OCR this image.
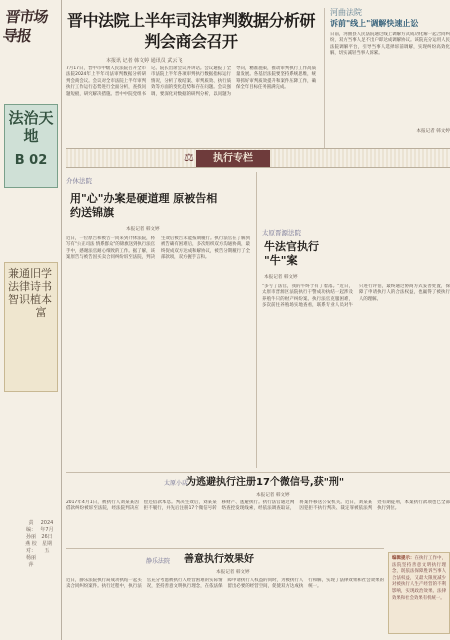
晋市场导报
法治天地
B 02
兼通法律智识
旧学诗书植本富
责编：孙丽燕 校对：杨丽萍
2024年7月26日 星期五
晋中法院上半年司法审判数据分析研判会商会召开
本报讯 记者 韩文婷 通讯员 武云飞
7月17日，晋中市中级人民法院召开全市法院2024年上半年司法审判数据分析研判会商会议。会议对全市法院上半年审判执行工作运行态势进行全面分析，查找问题短板，研究解决措施。晋中中院党组书记、院长出席会议并讲话。会议通报了全市法院上半年各项审判执行数据指标运行情况，分析了收结案、审判质效、执行质效等方面的变化趋势和存在问题。会议强调，要深化对数据的研判分析，以问题为导向，精准施策，推动审判执行工作高质量发展。各基层法院要坚持系统思维，统筹抓好审判质效提升和案件压降工作，确保全年目标任务圆满完成。
河曲法院
诉前"线上"调解快速止讼
日前，河曲县人民法院通过线上调解方式成功化解一起合同纠纷，双方当事人足不出户即达成调解协议。该院充分运用人民法院调解平台，引导当事人选择诉前调解，实现纠纷高效化解，切实减轻当事人诉累。
本报记者 韩文婷
⚖	执行专栏
介休法院
用"心"办案是硬道理 原被告相约送锦旗
本报记者 韩文婷
近日，一位原告和被告一同来到介休法院，将写有"公正司法 情系群众"的锦旗送到执行法官手中，感谢法官耐心细致的工作。据了解，该案原告与被告因买卖合同纠纷诉至法院，判决生效后被告未能按期履行。执行法官在了解到被告确有困难后，多次组织双方沟通协商，最终促成双方达成和解协议，被告分期履行了全部款项，双方握手言和。
太原晋源法院
牛法官执行 "牛"案
本报记者 韩文婷
"多亏了法官，我的牛终于有了着落。"近日，太原市晋源区法院执行干警成功执结一起涉及养殖牛只的财产纠纷案。执行法官克服困难，多次前往养殖场实地查看，联系专业人员对牛只进行评估，最终通过协商方式妥善处置，保障了申请执行人的合法权益，也赢得了被执行人的理解。
太原小店
为逃避执行注册17个微信号,获"刑"
本报记者 韩文婷
2017年4月1日，被执行人刘某某因借款纠纷被诉至法院，经法院判决应偿还借款本息。判决生效后，刘某某拒不履行，并先后注册17个微信号转移财产、逃避执行。执行法官通过网络查控发现线索，经依法调查取证，将案件移送公安机关。近日，刘某某因犯拒不执行判决、裁定罪被依法判处有期徒刑，本案执行款项也已全部执行到位。
静乐法院 善意执行效果好
本报记者 韩文婷
近日，静乐法院执行局成功执结一起买卖合同纠纷案件。执行过程中，执行法官充分考虑被执行人经营困难的实际情况，坚持善意文明执行理念，在依法保障申请执行人权益的同时，为被执行人留出必要的经营空间，促使双方达成执行和解，实现了法律效果和社会效果的统一。
编辑提示：在执行工作中，法院坚持善意文明执行理念，既依法保障胜诉当事人合法权益，又最大限度减少对被执行人生产经营的不利影响，实现政治效果、法律效果和社会效果有机统一。
